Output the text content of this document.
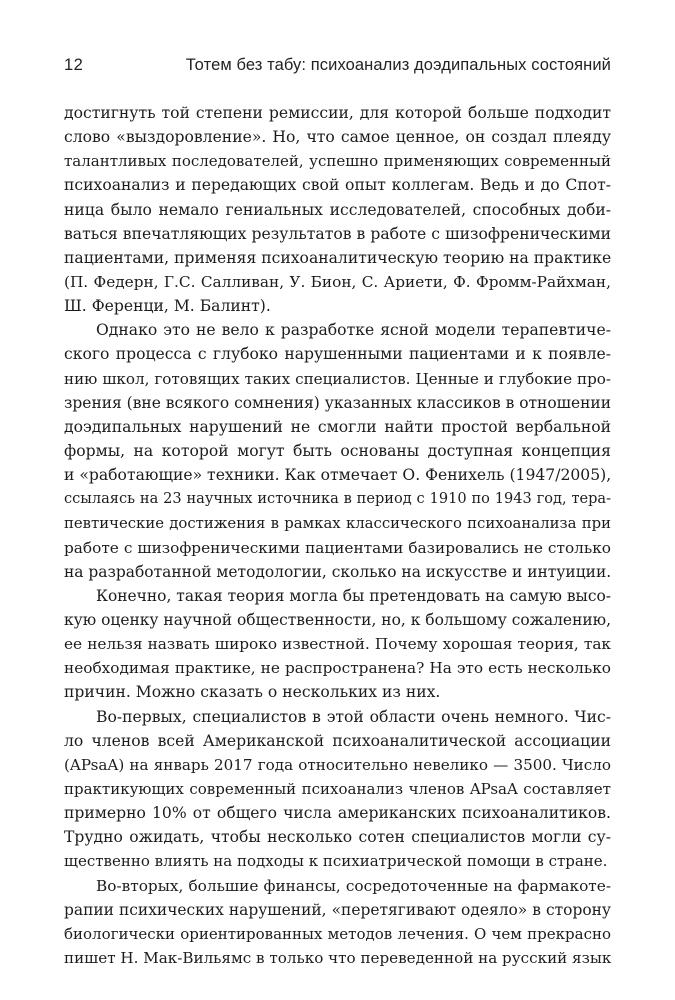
12	Тотем без табу: психоанализ доэдипальных состояний
достигнуть той степени ремиссии, для которой больше подходит
слово «выздоровление». Но, что самое ценное, он создал плеяду
талантливых последователей, успешно применяющих современный
психоанализ и передающих свой опыт коллегам. Ведь и до Спот-
ница было немало гениальных исследователей, способных доби-
ваться впечатляющих результатов в работе с шизофреническими
пациентами, применяя психоаналитическую теорию на практике
(П. Федерн, Г.С. Салливан, У. Бион, С. Ариети, Ф. Фромм-Райхман,
Ш. Ференци, М. Балинт).
Однако это не вело к разработке ясной модели терапевтиче-
ского процесса с глубоко нарушенными пациентами и к появле-
нию школ, готовящих таких специалистов. Ценные и глубокие про-
зрения (вне всякого сомнения) указанных классиков в отношении
доэдипальных нарушений не смогли найти простой вербальной
формы, на которой могут быть основаны доступная концепция
и «работающие» техники. Как отмечает О. Фенихель (1947/2005),
ссылаясь на 23 научных источника в период с 1910 по 1943 год, тера-
певтические достижения в рамках классического психоанализа при
работе с шизофреническими пациентами базировались не столько
на разработанной методологии, сколько на искусстве и интуиции.
Конечно, такая теория могла бы претендовать на самую высо-
кую оценку научной общественности, но, к большому сожалению,
ее нельзя назвать широко известной. Почему хорошая теория, так
необходимая практике, не распространена? На это есть несколько
причин. Можно сказать о нескольких из них.
Во-первых, специалистов в этой области очень немного. Чис-
ло членов всей Американской психоаналитической ассоциации
(APsaA) на январь 2017 года относительно невелико — 3500. Число
практикующих современный психоанализ членов APsaA составляет
примерно 10% от общего числа американских психоаналитиков.
Трудно ожидать, чтобы несколько сотен специалистов могли су-
щественно влиять на подходы к психиатрической помощи в стране.
Во-вторых, большие финансы, сосредоточенные на фармакоте-
рапии психических нарушений, «перетягивают одеяло» в сторону
биологически ориентированных методов лечения. О чем прекрасно
пишет Н. Мак-Вильямс в только что переведенной на русский язык
